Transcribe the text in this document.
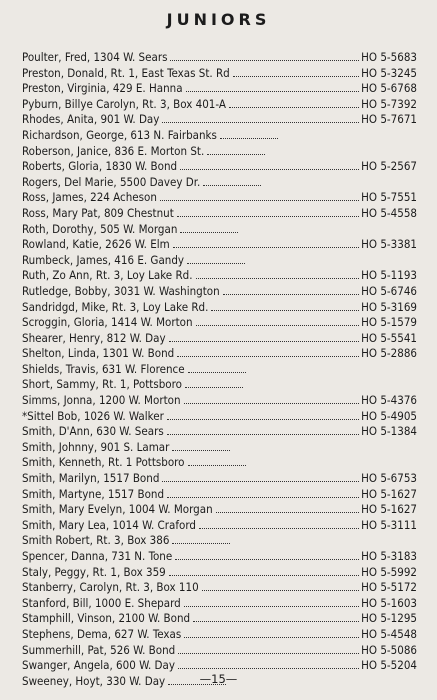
JUNIORS
Poulter, Fred, 1304 W. Sears	HO 5-5683
Preston, Donald, Rt. 1, East Texas St. Rd	HO 5-3245
Preston, Virginia, 429 E. Hanna	HO 5-6768
Pyburn, Billye Carolyn, Rt. 3, Box 401-A	HO 5-7392
Rhodes, Anita, 901 W. Day	HO 5-7671
Richardson, George, 613 N. Fairbanks
Roberson, Janice, 836 E. Morton St.
Roberts, Gloria, 1830 W. Bond	HO 5-2567
Rogers, Del Marie, 5500 Davey Dr.
Ross, James, 224 Acheson	HO 5-7551
Ross, Mary Pat, 809 Chestnut	HO 5-4558
Roth, Dorothy, 505 W. Morgan
Rowland, Katie, 2626 W. Elm	HO 5-3381
Rumbeck, James, 416 E. Gandy
Ruth, Zo Ann, Rt. 3, Loy Lake Rd.	HO 5-1193
Rutledge, Bobby, 3031 W. Washington	HO 5-6746
Sandridgd, Mike, Rt. 3, Loy Lake Rd.	HO 5-3169
Scroggin, Gloria, 1414 W. Morton	HO 5-1579
Shearer, Henry, 812 W. Day	HO 5-5541
Shelton, Linda, 1301 W. Bond	HO 5-2886
Shields, Travis, 631 W. Florence
Short, Sammy, Rt. 1, Pottsboro
Simms, Jonna, 1200 W. Morton	HO 5-4376
*Sittel Bob, 1026 W. Walker	HO 5-4905
Smith, D'Ann, 630 W. Sears	HO 5-1384
Smith, Johnny, 901 S. Lamar
Smith, Kenneth, Rt. 1 Pottsboro
Smith, Marilyn, 1517 Bond	HO 5-6753
Smith, Martyne, 1517 Bond	HO 5-1627
Smith, Mary Evelyn, 1004 W. Morgan	HO 5-1627
Smith, Mary Lea, 1014 W. Craford	HO 5-3111
Smith Robert, Rt. 3, Box 386
Spencer, Danna, 731 N. Tone	HO 5-3183
Staly, Peggy, Rt. 1, Box 359	HO 5-5992
Stanberry, Carolyn, Rt. 3, Box 110	HO 5-5172
Stanford, Bill, 1000 E. Shepard	HO 5-1603
Stamphill, Vinson, 2100 W. Bond	HO 5-1295
Stephens, Dema, 627 W. Texas	HO 5-4548
Summerhill, Pat, 526 W. Bond	HO 5-5086
Swanger, Angela, 600 W. Day	HO 5-5204
Sweeney, Hoyt, 330 W. Day	—15—
